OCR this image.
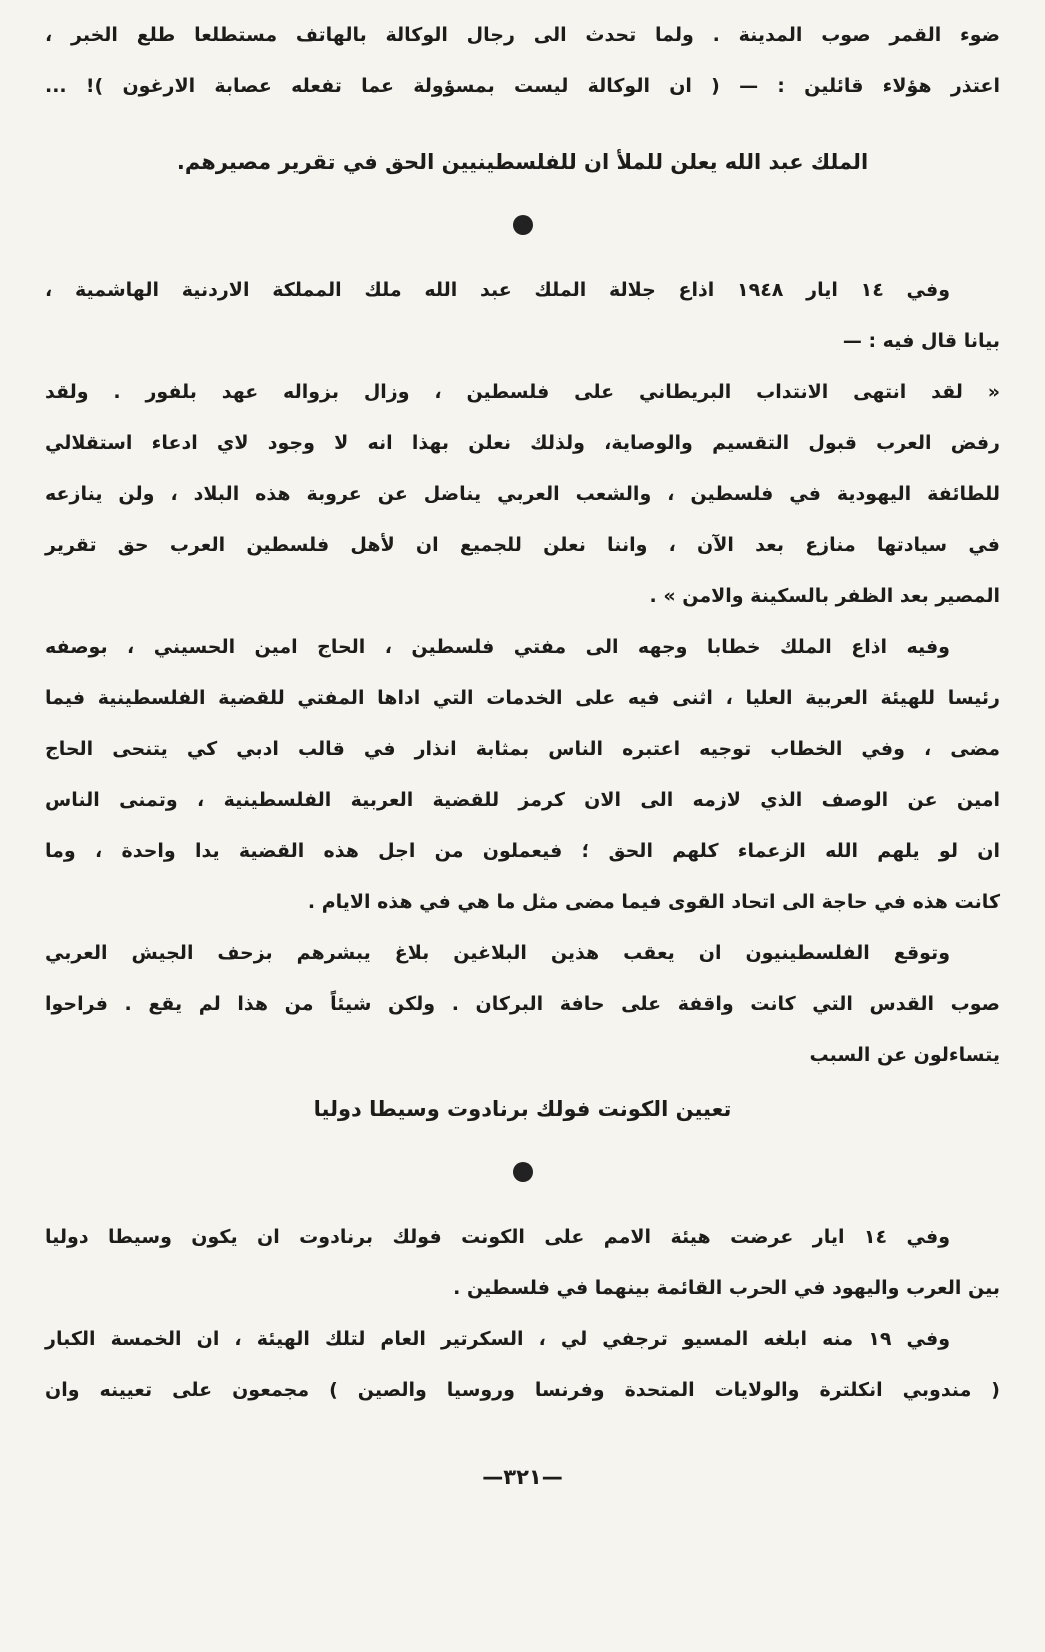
ضوء القمر صوب المدينة . ولما تحدث الى رجال الوكالة بالهاتف مستطلعا طلع الخبر ،
اعتذر هؤلاء قائلين : — ( ان الوكالة ليست بمسؤولة عما تفعله عصابة الارغون )! ...
الملك عبد الله يعلن للملأ ان للفلسطينيين الحق في تقرير مصيرهم.
وفي ١٤ ايار ١٩٤٨ اذاع جلالة الملك عبد الله ملك المملكة الاردنية الهاشمية ،
بيانا قال فيه : —
« لقد انتهى الانتداب البريطاني على فلسطين ، وزال بزواله عهد بلفور . ولقد
رفض العرب قبول التقسيم والوصاية، ولذلك نعلن بهذا انه لا وجود لاي ادعاء استقلالي
للطائفة اليهودية في فلسطين ، والشعب العربي يناضل عن عروبة هذه البلاد ، ولن ينازعه
في سيادتها منازع بعد الآن ، واننا نعلن للجميع ان لأهل فلسطين العرب حق تقرير
المصير بعد الظفر بالسكينة والامن » .
وفيه اذاع الملك خطابا وجهه الى مفتي فلسطين ، الحاج امين الحسيني ، بوصفه
رئيسا للهيئة العربية العليا ، اثنى فيه على الخدمات التي اداها المفتي للقضية الفلسطينية فيما
مضى ، وفي الخطاب توجيه اعتبره الناس بمثابة انذار في قالب ادبي كي يتنحى الحاج
امين عن الوصف الذي لازمه الى الان كرمز للقضية العربية الفلسطينية ، وتمنى الناس
ان لو يلهم الله الزعماء كلهم الحق ؛ فيعملون من اجل هذه القضية يدا واحدة ، وما
كانت هذه في حاجة الى اتحاد القوى فيما مضى مثل ما هي في هذه الايام .
وتوقع الفلسطينيون ان يعقب هذين البلاغين بلاغ يبشرهم بزحف الجيش العربي
صوب القدس التي كانت واقفة على حافة البركان . ولكن شيئاً من هذا لم يقع . فراحوا
يتساءلون عن السبب
تعيين الكونت فولك برنادوت وسيطا دوليا
وفي ١٤ ايار عرضت هيئة الامم على الكونت فولك برنادوت ان يكون وسيطا دوليا
بين العرب واليهود في الحرب القائمة بينهما في فلسطين .
وفي ١٩ منه ابلغه المسيو ترجفي لي ، السكرتير العام لتلك الهيئة ، ان الخمسة الكبار
( مندوبي انكلترة والولايات المتحدة وفرنسا وروسيا والصين ) مجمعون على تعيينه وان
—٣٢١—
